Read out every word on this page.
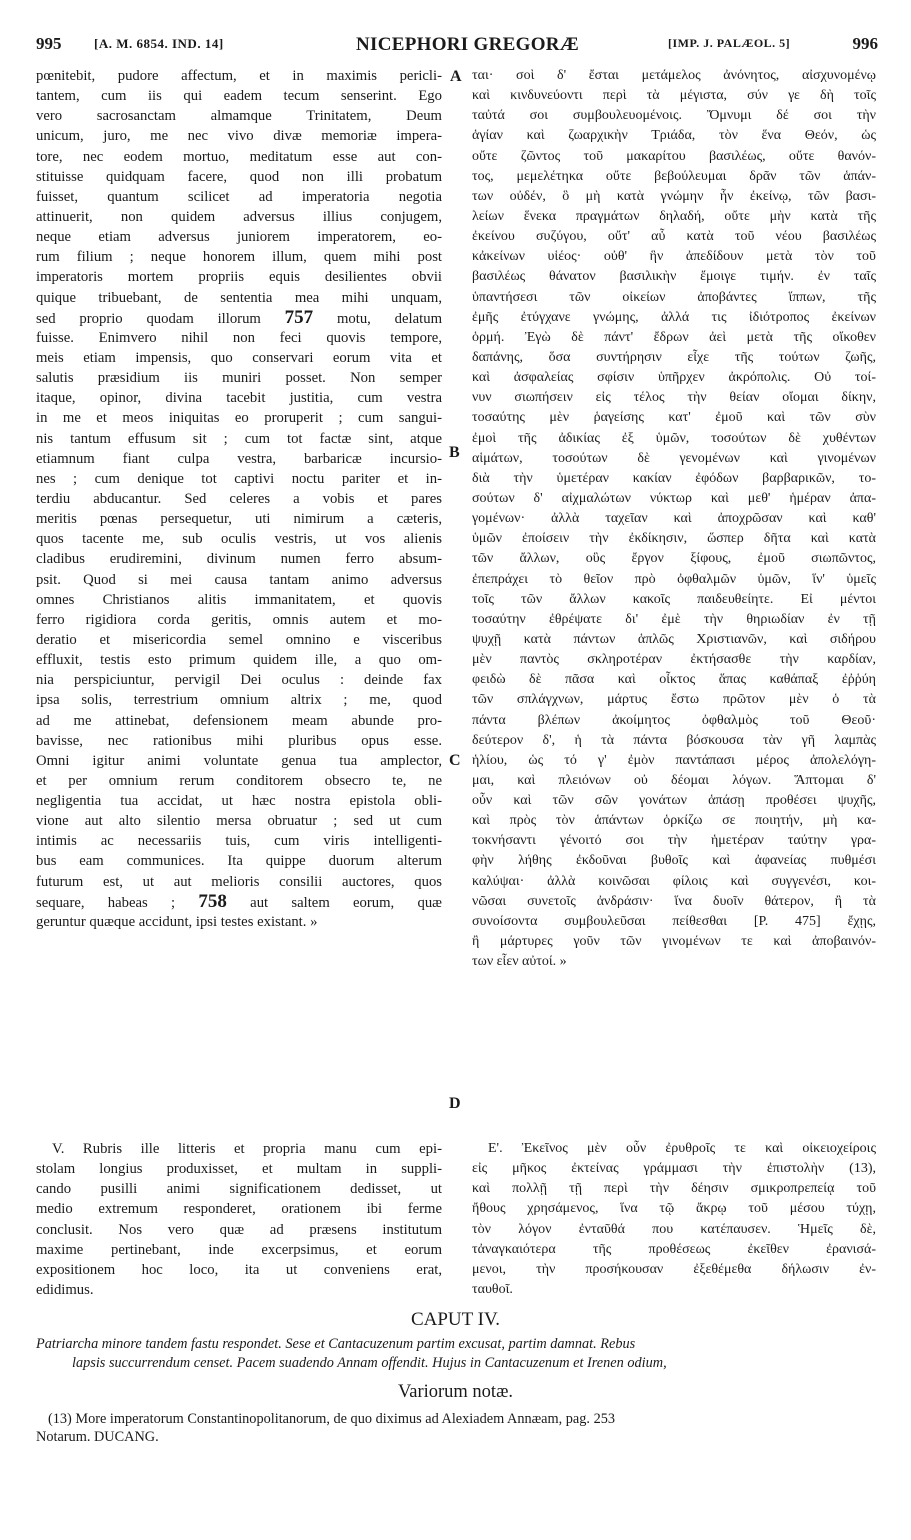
995	[A. M. 6854. IND. 14]	NICEPHORI GREGORÆ	[IMP. J. PALÆOL. 5]	996
pœnitebit, pudore affectum, et in maximis pericli-
tantem, cum iis qui eadem tecum senserint. Ego
vero sacrosanctam almamque Trinitatem, Deum
unicum, juro, me nec vivo divæ memoriæ impera-
tore, nec eodem mortuo, meditatum esse aut con-
stituisse quidquam facere, quod non illi probatum
fuisset, quantum scilicet ad imperatoria negotia
attinuerit, non quidem adversus illius conjugem,
neque etiam adversus juniorem imperatorem, eo-
rum filium ; neque honorem illum, quem mihi post
imperatoris mortem propriis equis desilientes obvii
quique tribuebant, de sententia mea mihi unquam,
sed proprio quodam illorum 757 motu, delatum
fuisse. Enimvero nihil non feci quovis tempore,
meis etiam impensis, quo conservari eorum vita et
salutis præsidium iis muniri posset. Non semper
itaque, opinor, divina tacebit justitia, cum vestra
in me et meos iniquitas eo proruperit ; cum sangui-
nis tantum effusum sit ; cum tot factæ sint, atque
etiamnum fiant culpa vestra, barbaricæ incursio-
nes ; cum denique tot captivi noctu pariter et in-
terdiu abducantur. Sed celeres a vobis et pares
meritis pœnas persequetur, uti nimirum a cæteris,
quos tacente me, sub oculis vestris, ut vos alienis
cladibus erudiremini, divinum numen ferro absum-
psit. Quod si mei causa tantam animo adversus
omnes Christianos alitis immanitatem, et quovis
ferro rigidiora corda geritis, omnis autem et mo-
deratio et misericordia semel omnino e visceribus
effluxit, testis esto primum quidem ille, a quo om-
nia perspiciuntur, pervigil Dei oculus : deinde fax
ipsa solis, terrestrium omnium altrix ; me, quod
ad me attinebat, defensionem meam abunde pro-
bavisse, nec rationibus mihi pluribus opus esse.
Omni igitur animi voluntate genua tua amplector,
et per omnium rerum conditorem obsecro te, ne
negligentia tua accidat, ut hæc nostra epistola obli-
vione aut alto silentio mersa obruatur ; sed ut cum
intimis ac necessariis tuis, cum viris intelligenti-
bus eam communices. Ita quippe duorum alterum
futurum est, ut aut melioris consilii auctores, quos
sequare, habeas ; 758 aut saltem eorum, quæ
geruntur quæque accidunt, ipsi testes existant. »
ται· σοὶ δ' ἔσται μετάμελος ἀνόνητος, αἰσχυνομένῳ
καὶ κινδυνεύοντι περὶ τὰ μέγιστα, σύν γε δὴ τοῖς
ταὐτά σοι συμβουλευομένοις. Ὄμνυμι δέ σοι τὴν
ἁγίαν καὶ ζωαρχικὴν Τριάδα, τὸν ἕνα Θεόν, ὡς
οὔτε ζῶντος τοῦ μακαρίτου βασιλέως, οὔτε θανόν-
τος, μεμελέτηκα οὔτε βεβούλευμαι δρᾶν τῶν ἁπάν-
των οὐδέν, ὃ μὴ κατὰ γνώμην ἦν ἐκείνῳ, τῶν βασι-
λείων ἕνεκα πραγμάτων δηλαδή, οὔτε μὴν κατὰ τῆς
ἐκείνου συζύγου, οὔτ' αὖ κατὰ τοῦ νέου βασιλέως
κἀκείνων υἱέος· οὐθ' ἣν ἀπεδίδουν μετὰ τὸν τοῦ
βασιλέως θάνατον βασιλικὴν ἔμοιγε τιμήν. ἐν ταῖς
ὑπαντήσεσι τῶν οἰκείων ἀποβάντες ἵππων, τῆς
ἐμῆς ἐτύγχανε γνώμης, ἀλλά τις ἰδιότροπος ἐκείνων
ὁρμή. Ἐγὼ δὲ πάντ' ἔδρων ἀεὶ μετὰ τῆς οἴκοθεν
δαπάνης, ὅσα συντήρησιν εἶχε τῆς τούτων ζωῆς,
καὶ ἀσφαλείας σφίσιν ὑπῆρχεν ἀκρόπολις. Οὐ τοί-
νυν σιωπήσειν εἰς τέλος τὴν θείαν οἴομαι δίκην,
τοσαύτης μὲν ῥαγείσης κατ' ἐμοῦ καὶ τῶν σὺν
ἐμοὶ τῆς ἀδικίας ἐξ ὑμῶν, τοσούτων δὲ χυθέντων
αἱμάτων, τοσούτων δὲ γενομένων καὶ γινομένων
διὰ τὴν ὑμετέραν κακίαν ἐφόδων βαρβαρικῶν, το-
σούτων δ' αἰχμαλώτων νύκτωρ καὶ μεθ' ἡμέραν ἀπα-
γομένων· ἀλλὰ ταχεῖαν καὶ ἀποχρῶσαν καὶ καθ'
ὑμῶν ἐποίσειν τὴν ἐκδίκησιν, ὥσπερ δῆτα καὶ κατὰ
τῶν ἄλλων, οὓς ἔργον ξίφους, ἐμοῦ σιωπῶντος,
ἐπεπράχει τὸ θεῖον πρὸ ὀφθαλμῶν ὑμῶν, ἵν' ὑμεῖς
τοῖς τῶν ἄλλων κακοῖς παιδευθείητε. Εἰ μέντοι
τοσαύτην ἐθρέψατε δι' ἐμὲ τὴν θηριωδίαν ἐν τῇ
ψυχῇ κατὰ πάντων ἁπλῶς Χριστιανῶν, καὶ σιδήρου
μὲν παντὸς σκληροτέραν ἐκτήσασθε τὴν καρδίαν,
φειδὼ δὲ πᾶσα καὶ οἶκτος ἅπας καθάπαξ ἐῤῥύη
τῶν σπλάγχνων, μάρτυς ἔστω πρῶτον μὲν ὁ τὰ
πάντα βλέπων ἀκοίμητος ὀφθαλμὸς τοῦ Θεοῦ·
δεύτερον δ', ἡ τὰ πάντα βόσκουσα τὰν γῆ λαμπὰς
ἡλίου, ὡς τό γ' ἐμὸν παντάπασι μέρος ἀπολελόγη-
μαι, καὶ πλειόνων οὐ δέομαι λόγων. Ἅπτομαι δ'
οὖν καὶ τῶν σῶν γονάτων ἁπάσῃ προθέσει ψυχῆς,
καὶ πρὸς τὸν ἁπάντων ὁρκίζω σε ποιητήν, μὴ κα-
τοκνήσαντι γένοιτό σοι τὴν ἡμετέραν ταύτην γρα-
φὴν λήθης ἐκδοῦναι βυθοῖς καὶ ἀφανείας πυθμέσι
καλύψαι· ἀλλὰ κοινῶσαι φίλοις καὶ συγγενέσι, κοι-
νῶσαι συνετοῖς ἀνδράσιν· ἵνα δυοῖν θάτερον, ἢ τὰ
συνοίσοντα συμβουλεῦσαι πείθεσθαι [P. 475] ἔχῃς,
ἢ μάρτυρες γοῦν τῶν γινομένων τε καὶ ἀποβαινόν-
των εἶεν αὐτοί. »
A
B
C
D
V. Rubris ille litteris et propria manu cum epi-
stolam longius produxisset, et multam in suppli-
cando pusilli animi significationem dedisset, ut
medio extremum responderet, orationem ibi ferme
conclusit. Nos vero quæ ad præsens institutum
maxime pertinebant, inde excerpsimus, et eorum
expositionem hoc loco, ita ut conveniens erat,
edidimus.
Ε'. Ἐκεῖνος μὲν οὖν ἐρυθροῖς τε καὶ οἰκειοχείροις
εἰς μῆκος ἐκτείνας γράμμασι τὴν ἐπιστολὴν (13),
καὶ πολλῇ τῇ περὶ τὴν δέησιν σμικροπρεπείᾳ τοῦ
ἤθους χρησάμενος, ἵνα τῷ ἄκρῳ τοῦ μέσου τύχῃ,
τὸν λόγον ἐνταῦθά που κατέπαυσεν. Ἡμεῖς δὲ,
τἀναγκαιότερα τῆς προθέσεως ἐκεῖθεν ἐρανισά-
μενοι, τὴν προσήκουσαν ἐξεθέμεθα δήλωσιν ἐν-
ταυθοῖ.
CAPUT IV.
Patriarcha minore tandem fastu respondet. Sese et Cantacuzenum partim excusat, partim damnat. Rebus
lapsis succurrendum censet. Pacem suadendo Annam offendit. Hujus in Cantacuzenum et Irenen odium,
Variorum notæ.
(13) More imperatorum Constantinopolitanorum, de quo diximus ad Alexiadem Annæam, pag. 253
Notarum. DUCANG.
